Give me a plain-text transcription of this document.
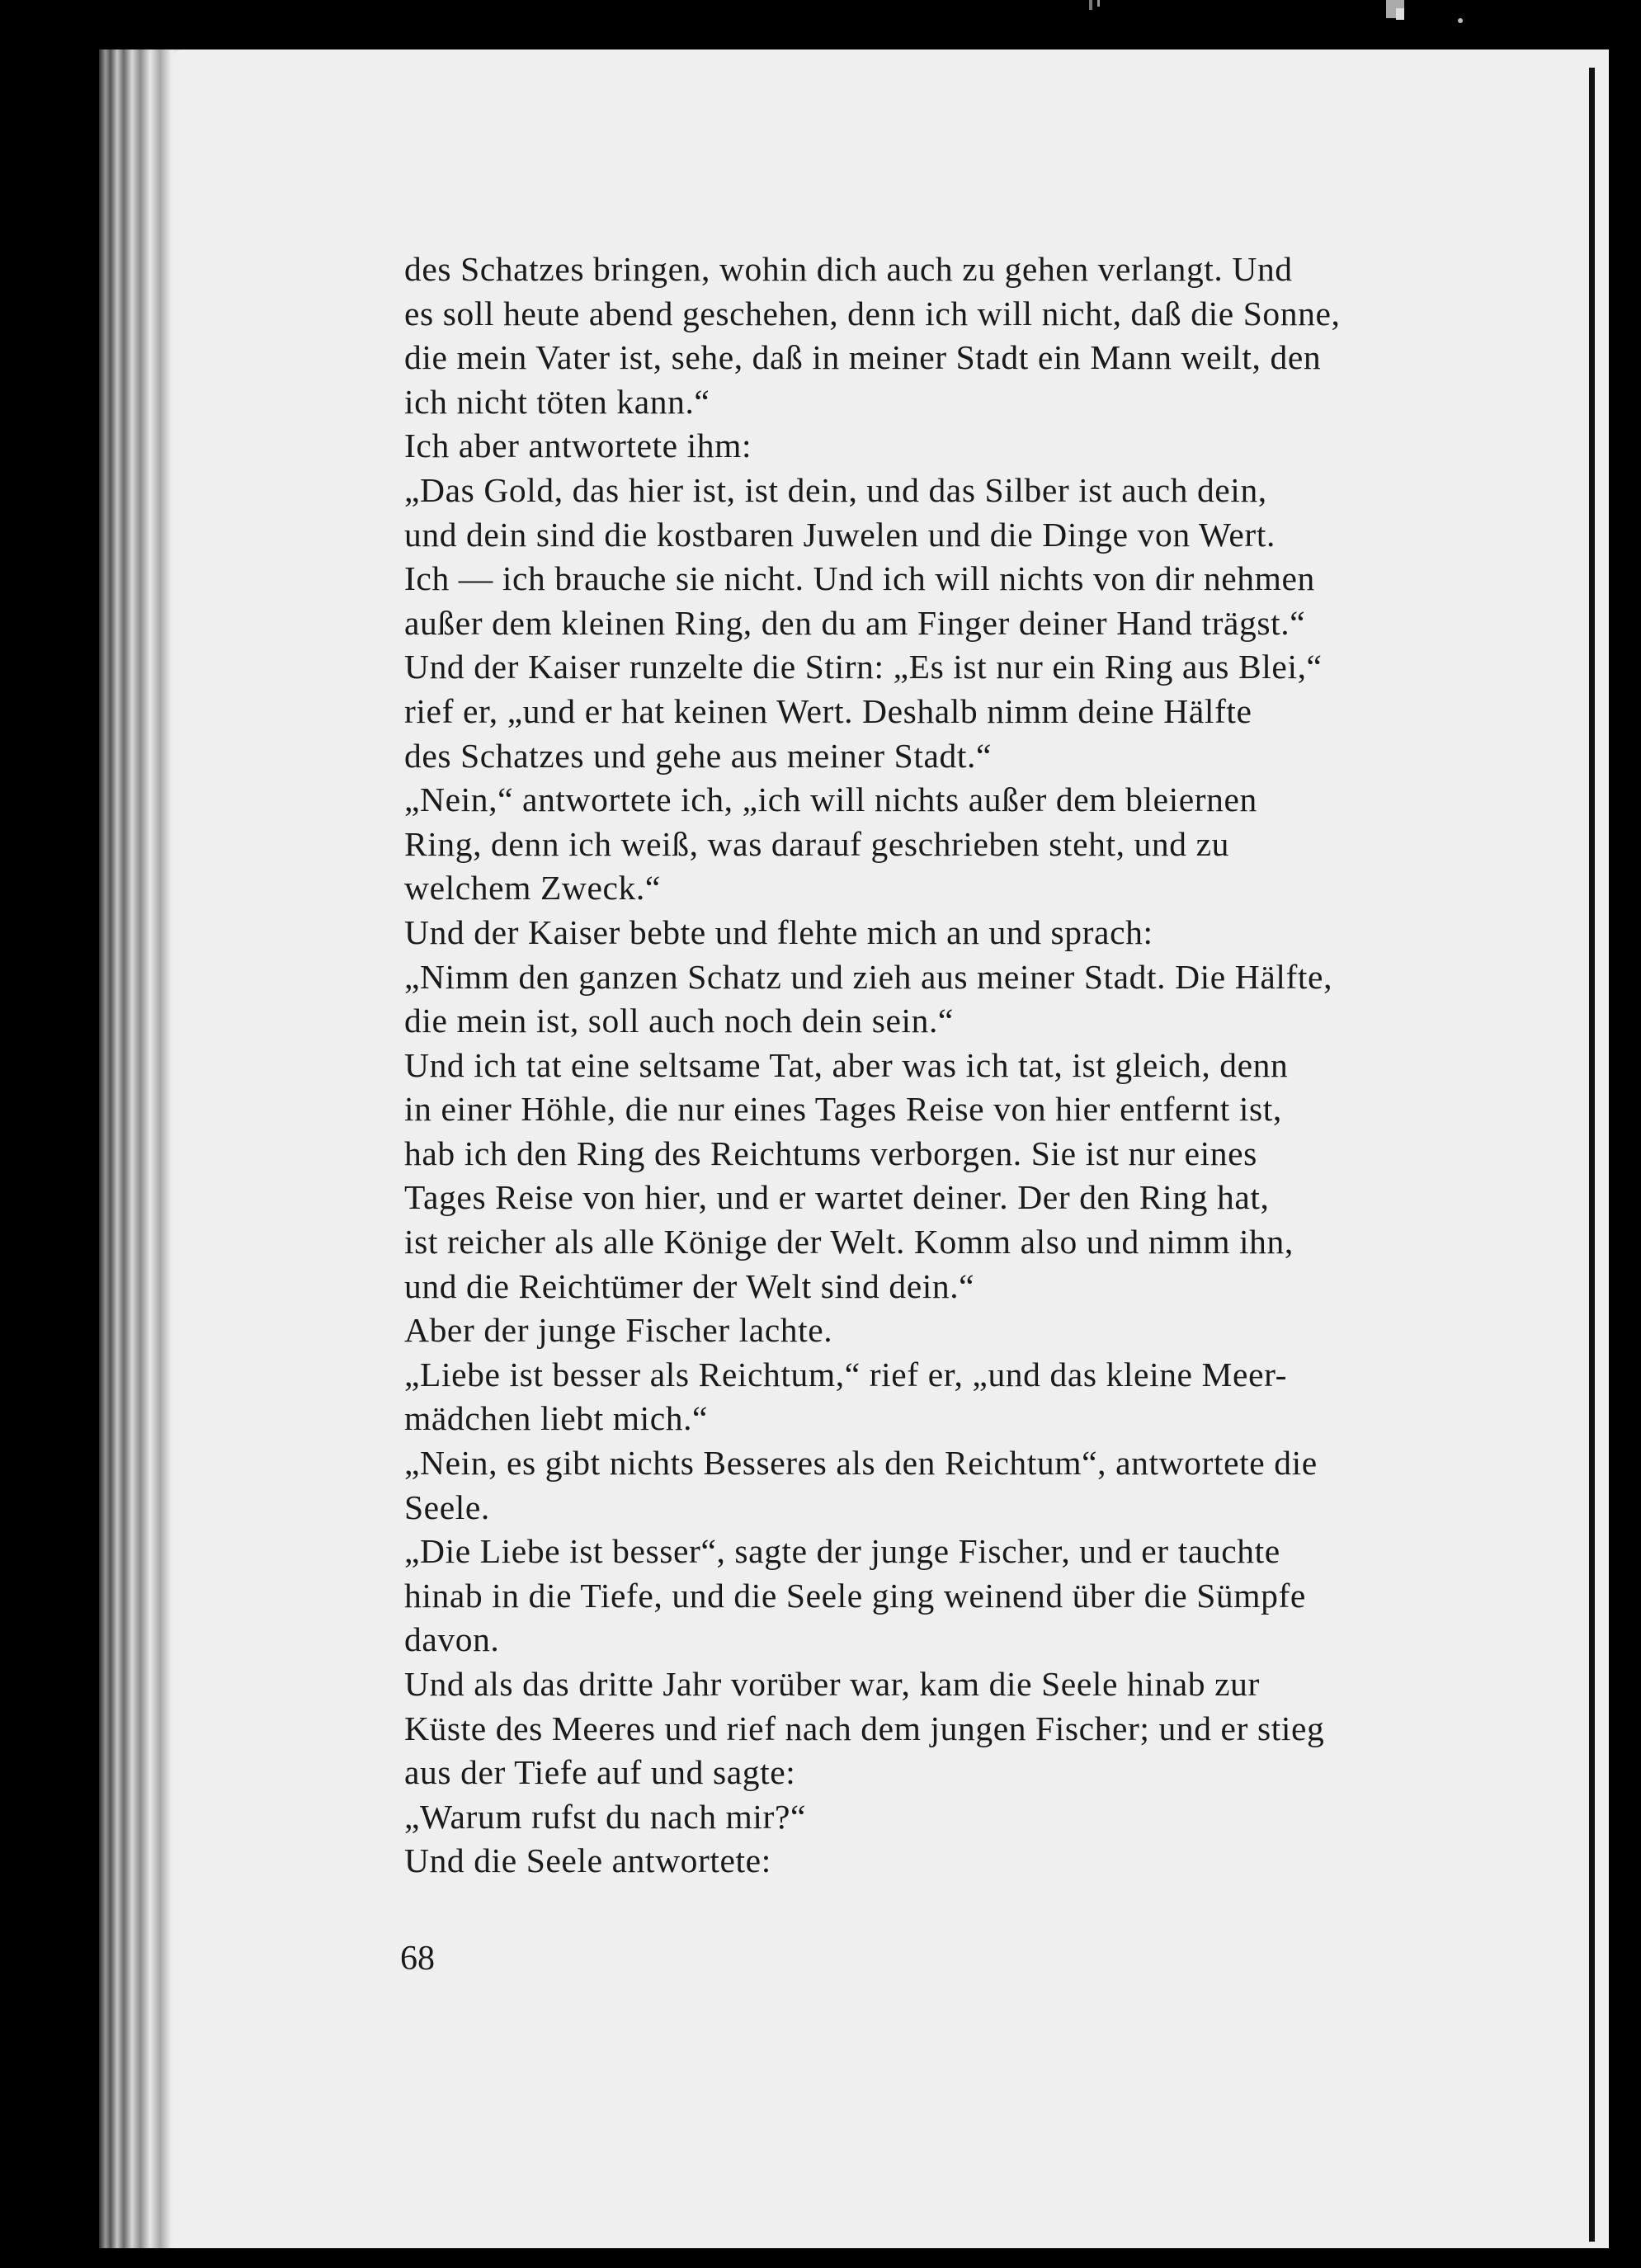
des Schatzes bringen, wohin dich auch zu gehen verlangt. Und
es soll heute abend geschehen, denn ich will nicht, daß die Sonne,
die mein Vater ist, sehe, daß in meiner Stadt ein Mann weilt, den
ich nicht töten kann.“
Ich aber antwortete ihm:
„Das Gold, das hier ist, ist dein, und das Silber ist auch dein,
und dein sind die kostbaren Juwelen und die Dinge von Wert.
Ich — ich brauche sie nicht. Und ich will nichts von dir nehmen
außer dem kleinen Ring, den du am Finger deiner Hand trägst.“
Und der Kaiser runzelte die Stirn: „Es ist nur ein Ring aus Blei,“
rief er, „und er hat keinen Wert. Deshalb nimm deine Hälfte
des Schatzes und gehe aus meiner Stadt.“
„Nein,“ antwortete ich, „ich will nichts außer dem bleiernen
Ring, denn ich weiß, was darauf geschrieben steht, und zu
welchem Zweck.“
Und der Kaiser bebte und flehte mich an und sprach:
„Nimm den ganzen Schatz und zieh aus meiner Stadt. Die Hälfte,
die mein ist, soll auch noch dein sein.“
Und ich tat eine seltsame Tat, aber was ich tat, ist gleich, denn
in einer Höhle, die nur eines Tages Reise von hier entfernt ist,
hab ich den Ring des Reichtums verborgen. Sie ist nur eines
Tages Reise von hier, und er wartet deiner. Der den Ring hat,
ist reicher als alle Könige der Welt. Komm also und nimm ihn,
und die Reichtümer der Welt sind dein.“
Aber der junge Fischer lachte.
„Liebe ist besser als Reichtum,“ rief er, „und das kleine Meer-
mädchen liebt mich.“
„Nein, es gibt nichts Besseres als den Reichtum“, antwortete die
Seele.
„Die Liebe ist besser“, sagte der junge Fischer, und er tauchte
hinab in die Tiefe, und die Seele ging weinend über die Sümpfe
davon.
Und als das dritte Jahr vorüber war, kam die Seele hinab zur
Küste des Meeres und rief nach dem jungen Fischer; und er stieg
aus der Tiefe auf und sagte:
„Warum rufst du nach mir?“
Und die Seele antwortete:
68
